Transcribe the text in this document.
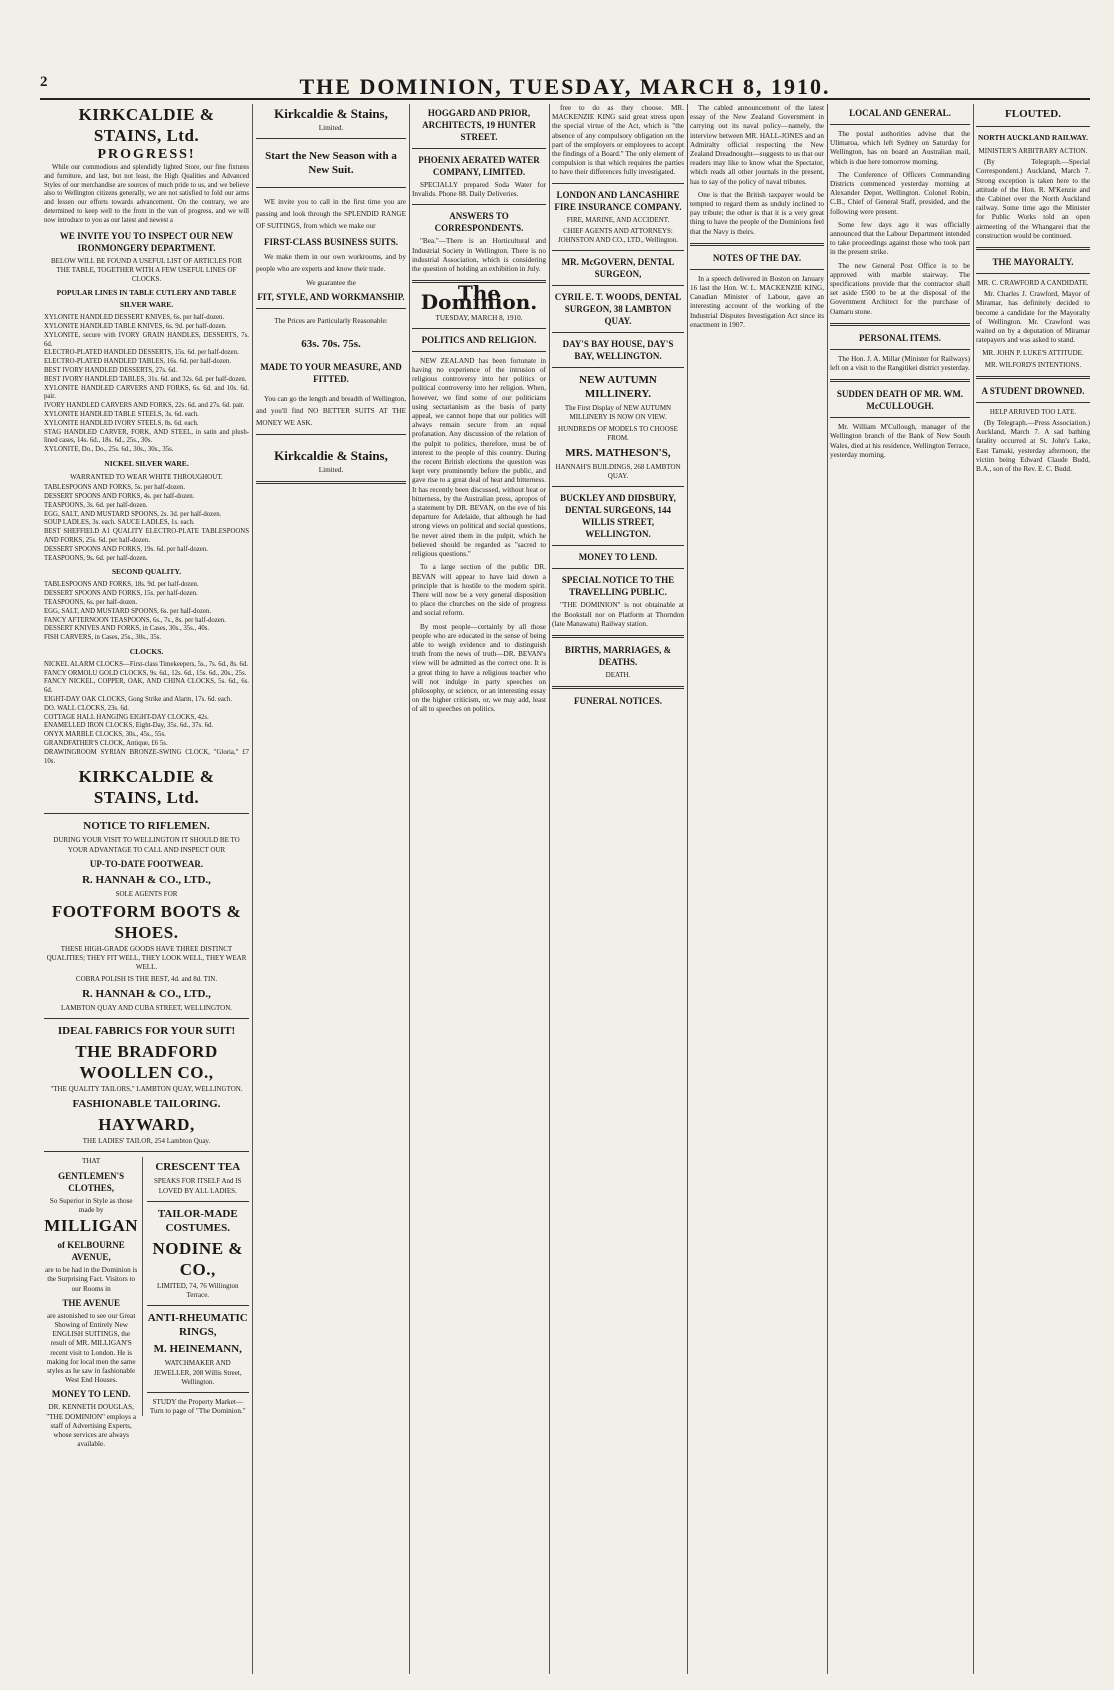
2	THE DOMINION, TUESDAY, MARCH 8, 1910.
KIRKCALDIE & STAINS, Ltd.
PROGRESS!
While our commodious and splendidly lighted Store, our fine fixtures and furniture, and last, but not least, the High Qualities and Advanced Styles of our merchandise are sources of much pride to us, and we believe also to Wellington citizens generally, we are not satisfied to fold our arms and lessen our efforts towards advancement. On the contrary, we are determined to keep well to the front in the van of progress, and we will now introduce to you as our latest and newest a
WE INVITE YOU TO INSPECT OUR NEW IRONMONGERY DEPARTMENT.
BELOW WILL BE FOUND A USEFUL LIST OF ARTICLES FOR THE TABLE, TOGETHER WITH A FEW USEFUL LINES OF CLOCKS.
POPULAR LINES IN TABLE CUTLERY AND TABLE SILVER WARE.
XYLONITE HANDLED DESSERT KNIVES, 6s. per half-dozen.
XYLONITE HANDLED TABLE KNIVES, 6s. 9d. per half-dozen.
XYLONITE, secure with IVORY GRAIN HANDLES, DESSERTS, 7s. 6d.
ELECTRO-PLATED HANDLED DESSERTS, 15s. 6d. per half-dozen.
ELECTRO-PLATED HANDLED TABLES, 16s. 6d. per half-dozen.
BEST IVORY HANDLED DESSERTS, 27s. 6d.
BEST IVORY HANDLED TABLES, 31s. 6d. and 32s. 6d. per half-dozen.
XYLONITE HANDLED CARVERS AND FORKS, 6s. 6d. and 10s. 6d. pair.
IVORY HANDLED CARVERS AND FORKS, 22s. 6d. and 27s. 6d. pair.
XYLONITE HANDLED TABLE STEELS, 3s. 6d. each.
XYLONITE HANDLED IVORY STEELS, 8s. 6d. each.
STAG HANDLED CARVER, FORK, AND STEEL, in satin and plush-lined cases, 14s. 6d., 18s. 6d., 25s., 30s.
XYLONITE, Do., Do., 25s. 6d., 30s., 30s., 35s.
NICKEL SILVER WARE.
WARRANTED TO WEAR WHITE THROUGHOUT.
TABLESPOONS AND FORKS, 5s. per half-dozen.
DESSERT SPOONS AND FORKS, 4s. per half-dozen.
TEASPOONS, 3s. 6d. per half-dozen.
EGG, SALT, AND MUSTARD SPOONS, 2s. 3d. per half-dozen.
SOUP LADLES, 3s. each. SAUCE LADLES, 1s. each.
BEST SHEFFIELD A1 QUALITY ELECTRO-PLATE TABLESPOONS AND FORKS, 25s. 6d. per half-dozen.
DESSERT SPOONS AND FORKS, 19s. 6d. per half-dozen.
TEASPOONS, 9s. 6d. per half-dozen.
SECOND QUALITY.
TABLESPOONS AND FORKS, 18s. 9d. per half-dozen.
DESSERT SPOONS AND FORKS, 15s. per half-dozen.
TEASPOONS, 6s. per half-dozen.
EGG, SALT, AND MUSTARD SPOONS, 6s. per half-dozen.
FANCY AFTERNOON TEASPOONS, 6s., 7s., 8s. per half-dozen.
DESSERT KNIVES AND FORKS, in Cases, 30s., 35s., 40s.
FISH CARVERS, in Cases, 25s., 30s., 35s.
CLOCKS.
NICKEL ALARM CLOCKS—First-class Timekeepers, 5s., 7s. 6d., 8s. 6d.
FANCY ORMOLU GOLD CLOCKS, 9s. 6d., 12s. 6d., 15s. 6d., 20s., 25s.
FANCY NICKEL, COPPER, OAK, AND CHINA CLOCKS, 5s. 6d., 6s. 6d.
EIGHT-DAY OAK CLOCKS, Gong Strike and Alarm, 17s. 6d. each.
DO. WALL CLOCKS, 23s. 6d.
COTTAGE HALL HANGING EIGHT-DAY CLOCKS, 42s.
ENAMELLED IRON CLOCKS, Eight-Day, 35s. 6d., 37s. 6d.
ONYX MARBLE CLOCKS, 30s., 45s., 55s.
GRANDFATHER'S CLOCK, Antique, £6 5s.
DRAWINGROOM SYRIAN BRONZE-SWING CLOCK, "Gloria," £7 10s.
KIRKCALDIE & STAINS, Ltd.
NOTICE TO RIFLEMEN.
DURING YOUR VISIT TO WELLINGTON IT SHOULD BE TO YOUR ADVANTAGE TO CALL AND INSPECT OUR
UP-TO-DATE FOOTWEAR.
R. HANNAH & CO., LTD.,
SOLE AGENTS FOR
FOOTFORM BOOTS & SHOES.
THESE HIGH-GRADE GOODS HAVE THREE DISTINCT QUALITIES; THEY FIT WELL, THEY LOOK WELL, THEY WEAR WELL.
COBRA POLISH IS THE BEST, 4d. and 8d. TIN.
R. HANNAH & CO., LTD.,
LAMBTON QUAY AND CUBA STREET, WELLINGTON.
IDEAL FABRICS FOR YOUR SUIT!
THE BRADFORD WOOLLEN CO.,
"THE QUALITY TAILORS," LAMBTON QUAY, WELLINGTON.
FASHIONABLE TAILORING.
HAYWARD,
THE LADIES' TAILOR, 254 Lambton Quay.
THAT
GENTLEMEN'S CLOTHES,
So Superior in Style as those made by
MILLIGAN
of KELBOURNE AVENUE,
are to be had in the Dominion is the Surprising Fact. Visitors to our Rooms in
THE AVENUE
are astonished to see our Great Showing of Entirely New ENGLISH SUITINGS, the result of MR. MILLIGAN'S recent visit to London. He is making for local men the same styles as he saw in fashionable West End Houses.
MONEY TO LEND.
DR. KENNETH DOUGLAS,
"THE DOMINION" employs a staff of Advertising Experts, whose services are always available.
CRESCENT TEA
SPEAKS FOR ITSELF And IS LOVED BY ALL LADIES.
TAILOR-MADE COSTUMES.
NODINE & CO.,
LIMITED, 74, 76 Willington Terrace.
ANTI-RHEUMATIC RINGS,
M. HEINEMANN,
WATCHMAKER AND JEWELLER, 208 Willis Street, Wellington.
STUDY the Property Market—Turn to page of "The Dominion."
Kirkcaldie & Stains,
Limited.
Start the New Season with a New Suit.
WE invite you to call in the first time you are passing and look through the SPLENDID RANGE OF SUITINGS, from which we make our
FIRST-CLASS BUSINESS SUITS.
We make them in our own workrooms, and by people who are experts and know their trade.
We guarantee the
FIT, STYLE, AND WORKMANSHIP.
The Prices are Particularly Reasonable:
63s. 70s. 75s.
MADE TO YOUR MEASURE, AND FITTED.
You can go the length and breadth of Wellington, and you'll find NO BETTER SUITS AT THE MONEY WE ASK.
Kirkcaldie & Stains,
Limited.
HOGGARD AND PRIOR, ARCHITECTS, 19 HUNTER STREET.
PHOENIX AERATED WATER COMPANY, LIMITED.
SPECIALLY prepared Soda Water for Invalids. Phone 88. Daily Deliveries.
ANSWERS TO CORRESPONDENTS.
"Bea."—There is an Horticultural and Industrial Society in Wellington. There is no industrial Association, which is considering the question of holding an exhibition in July.
The Dominion.
TUESDAY, MARCH 8, 1910.
POLITICS AND RELIGION.
NEW ZEALAND has been fortunate in having no experience of the intrusion of religious controversy into her politics or political controversy into her religion. When, however, we find some of our politicians using sectarianism as the basis of party appeal, we cannot hope that our politics will always remain secure from an equal profanation. Any discussion of the relation of the pulpit to politics, therefore, must be of interest to the people of this country. During the recent British elections the question was kept very prominently before the public, and gave rise to a great deal of heat and bitterness. It has recently been discussed, without heat or bitterness, by the Australian press, apropos of a statement by DR. BEVAN, on the eve of his departure for Adelaide, that although he had strong views on political and social questions, he never aired them in the pulpit, which he believed should be regarded as "sacred to religious questions."
To a large section of the public DR. BEVAN will appear to have laid down a principle that is hostile to the modern spirit. There will now be a very general disposition to place the churches on the side of progress and social reform.
By most people—certainly by all those people who are educated in the sense of being able to weigh evidence and to distinguish truth from the news of truth—DR. BEVAN's view will be admitted as the correct one. It is a great thing to have a religious teacher who will not indulge in party speeches on philosophy, or science, or an interesting essay on the higher criticism, or, we may add, least of all to speeches on politics.
free to do as they choose. MR. MACKENZIE KING said great stress upon the special virtue of the Act, which is "the absence of any compulsory obligation on the part of the employers or employees to accept the findings of a Board." The only element of compulsion is that which requires the parties to have their differences fully investigated.
LONDON AND LANCASHIRE FIRE INSURANCE COMPANY.
FIRE, MARINE, AND ACCIDENT.
CHIEF AGENTS AND ATTORNEYS: JOHNSTON AND CO., LTD., Wellington.
MR. McGOVERN, DENTAL SURGEON,
CYRIL E. T. WOODS, DENTAL SURGEON, 38 LAMBTON QUAY.
DAY'S BAY HOUSE, DAY'S BAY, WELLINGTON.
NEW AUTUMN MILLINERY.
The First Display of NEW AUTUMN MILLINERY IS NOW ON VIEW.
HUNDREDS OF MODELS TO CHOOSE FROM.
MRS. MATHESON'S,
HANNAH'S BUILDINGS, 268 LAMBTON QUAY.
BUCKLEY AND DIDSBURY, DENTAL SURGEONS, 144 WILLIS STREET, WELLINGTON.
MONEY TO LEND.
SPECIAL NOTICE TO THE TRAVELLING PUBLIC.
"THE DOMINION" is not obtainable at the Bookstall nor on Platform at Thorndon (late Manawatu) Railway station.
BIRTHS, MARRIAGES, & DEATHS.
DEATH.
FUNERAL NOTICES.
The cabled announcement of the latest essay of the New Zealand Government in carrying out its naval policy—namely, the interview between MR. HALL-JONES and an Admiralty official respecting the New Zealand Dreadnought—suggests to us that our readers may like to know what the Spectator, which reads all other journals in the present, has to say of the policy of naval tributes.
One is that the British taxpayer would be tempted to regard them as unduly inclined to pay tribute; the other is that it is a very great thing to have the people of the Dominions feel that the Navy is theirs.
NOTES OF THE DAY.
In a speech delivered in Boston on January 16 last the Hon. W. L. MACKENZIE KING, Canadian Minister of Labour, gave an interesting account of the working of the Industrial Disputes Investigation Act since its enactment in 1907.
LOCAL AND GENERAL.
The postal authorities advise that the Ulimaroa, which left Sydney on Saturday for Wellington, has on board an Australian mail, which is due here tomorrow morning.
The Conference of Officers Commanding Districts commenced yesterday morning at Alexander Depot, Wellington. Colonel Robin, C.B., Chief of General Staff, presided, and the following were present.
Some few days ago it was officially announced that the Labour Department intended to take proceedings against those who took part in the present strike.
The new General Post Office is to be approved with marble stairway. The specifications provide that the contractor shall set aside £500 to be at the disposal of the Government Architect for the purchase of Oamaru stone.
PERSONAL ITEMS.
The Hon. J. A. Millar (Minister for Railways) left on a visit to the Rangitikei district yesterday.
SUDDEN DEATH OF MR. WM. McCULLOUGH.
Mr. William M'Cullough, manager of the Wellington branch of the Bank of New South Wales, died at his residence, Wellington Terrace, yesterday morning.
FLOUTED.
NORTH AUCKLAND RAILWAY.
MINISTER'S ARBITRARY ACTION.
(By Telegraph.—Special Correspondent.) Auckland, March 7. Strong exception is taken here to the attitude of the Hon. R. M'Kenzie and the Cabinet over the North Auckland railway. Some time ago the Minister for Public Works told an open airmeeting of the Whangarei that the construction would be continued.
THE MAYORALTY.
MR. C. CRAWFORD A CANDIDATE.
Mr. Charles J. Crawford, Mayor of Miramar, has definitely decided to become a candidate for the Mayoralty of Wellington. Mr. Crawford was waited on by a deputation of Miramar ratepayers and was asked to stand.
MR. JOHN P. LUKE'S ATTITUDE.
MR. WILFORD'S INTENTIONS.
A STUDENT DROWNED.
HELP ARRIVED TOO LATE.
(By Telegraph.—Press Association.) Auckland, March 7. A sad bathing fatality occurred at St. John's Lake, East Tamaki, yesterday afternoon, the victim being Edward Claude Budd, B.A., son of the Rev. E. C. Budd.
